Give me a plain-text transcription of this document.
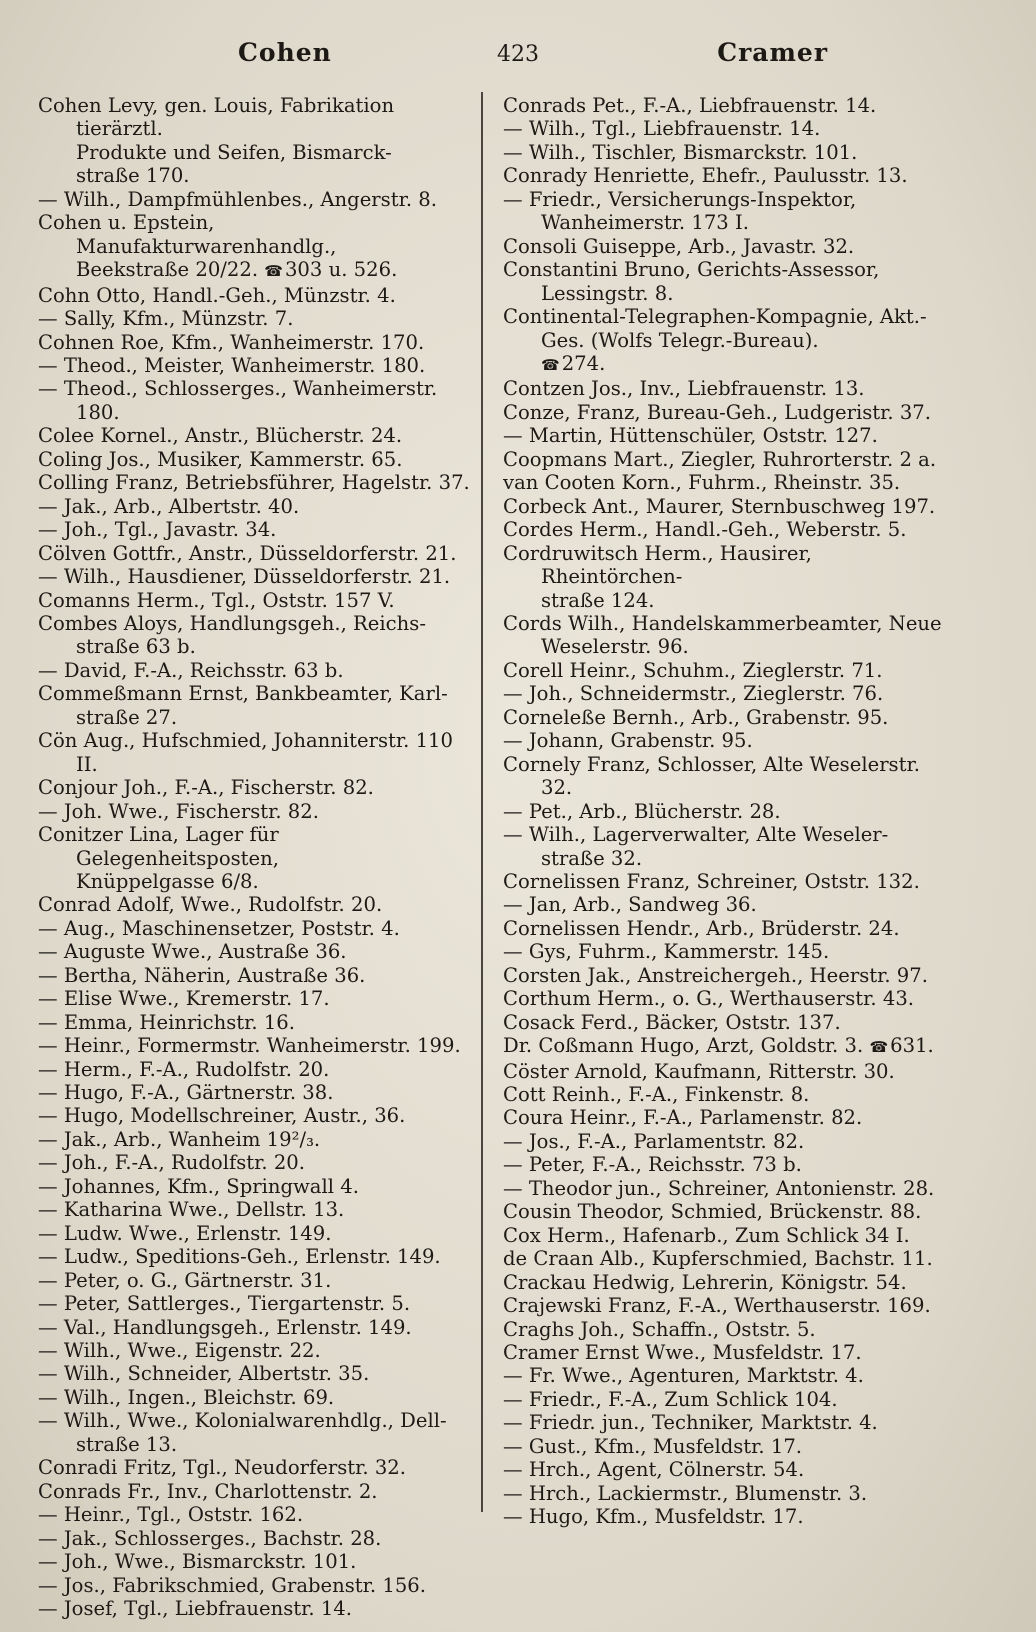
Cohen	423	Cramer

Cohen Levy, gen. Louis, Fabrikation tierärztl.
Produkte und Seifen, Bismarck-
straße 170.

— Wilh., Dampfmühlenbes., Angerstr. 8.

Cohen u. Epstein, Manufakturwarenhandlg.,
Beekstraße 20/22. ☎ 303 u. 526.

Cohn Otto, Handl.-Geh., Münzstr. 4.

— Sally, Kfm., Münzstr. 7.

Cohnen Roe, Kfm., Wanheimerstr. 170.

— Theod., Meister, Wanheimerstr. 180.

— Theod., Schlosserges., Wanheimerstr. 180.

Colee Kornel., Anstr., Blücherstr. 24.

Coling Jos., Musiker, Kammerstr. 65.

Colling Franz, Betriebsführer, Hagelstr. 37.

— Jak., Arb., Albertstr. 40.

— Joh., Tgl., Javastr. 34.

Cölven Gottfr., Anstr., Düsseldorferstr. 21.

— Wilh., Hausdiener, Düsseldorferstr. 21.

Comanns Herm., Tgl., Oststr. 157 V.

Combes Aloys, Handlungsgeh., Reichs-
straße 63 b.

— David, F.-A., Reichsstr. 63 b.

Commeßmann Ernst, Bankbeamter, Karl-
straße 27.

Cön Aug., Hufschmied, Johanniterstr. 110 II.

Conjour Joh., F.-A., Fischerstr. 82.

— Joh. Wwe., Fischerstr. 82.

Conitzer Lina, Lager für Gelegenheitsposten,
Knüppelgasse 6/8.

Conrad Adolf, Wwe., Rudolfstr. 20.

— Aug., Maschinensetzer, Poststr. 4.

— Auguste Wwe., Austraße 36.

— Bertha, Näherin, Austraße 36.

— Elise Wwe., Kremerstr. 17.

— Emma, Heinrichstr. 16.

— Heinr., Formermstr. Wanheimerstr. 199.

— Herm., F.-A., Rudolfstr. 20.

— Hugo, F.-A., Gärtnerstr. 38.

— Hugo, Modellschreiner, Austr., 36.

— Jak., Arb., Wanheim 19²/₃.

— Joh., F.-A., Rudolfstr. 20.

— Johannes, Kfm., Springwall 4.

— Katharina Wwe., Dellstr. 13.

— Ludw. Wwe., Erlenstr. 149.

— Ludw., Speditions-Geh., Erlenstr. 149.

— Peter, o. G., Gärtnerstr. 31.

— Peter, Sattlerges., Tiergartenstr. 5.

— Val., Handlungsgeh., Erlenstr. 149.

— Wilh., Wwe., Eigenstr. 22.

— Wilh., Schneider, Albertstr. 35.

— Wilh., Ingen., Bleichstr. 69.

— Wilh., Wwe., Kolonialwarenhdlg., Dell-
straße 13.

Conradi Fritz, Tgl., Neudorferstr. 32.

Conrads Fr., Inv., Charlottenstr. 2.

— Heinr., Tgl., Oststr. 162.

— Jak., Schlosserges., Bachstr. 28.

— Joh., Wwe., Bismarckstr. 101.

— Jos., Fabrikschmied, Grabenstr. 156.

— Josef, Tgl., Liebfrauenstr. 14.

Conrads Pet., F.-A., Liebfrauenstr. 14.

— Wilh., Tgl., Liebfrauenstr. 14.

— Wilh., Tischler, Bismarckstr. 101.

Conrady Henriette, Ehefr., Paulusstr. 13.

— Friedr., Versicherungs-Inspektor,
Wanheimerstr. 173 I.

Consoli Guiseppe, Arb., Javastr. 32.

Constantini Bruno, Gerichts-Assessor,
Lessingstr. 8.

Continental-Telegraphen-Kompagnie, Akt.-
Ges. (Wolfs Telegr.-Bureau).
☎ 274.

Contzen Jos., Inv., Liebfrauenstr. 13.

Conze, Franz, Bureau-Geh., Ludgeristr. 37.

— Martin, Hüttenschüler, Oststr. 127.

Coopmans Mart., Ziegler, Ruhrorterstr. 2 a.

van Cooten Korn., Fuhrm., Rheinstr. 35.

Corbeck Ant., Maurer, Sternbuschweg 197.

Cordes Herm., Handl.-Geh., Weberstr. 5.

Cordruwitsch Herm., Hausirer, Rheintörchen-
straße 124.

Cords Wilh., Handelskammerbeamter, Neue
Weselerstr. 96.

Corell Heinr., Schuhm., Zieglerstr. 71.

— Joh., Schneidermstr., Zieglerstr. 76.

Corneleße Bernh., Arb., Grabenstr. 95.

— Johann, Grabenstr. 95.

Cornely Franz, Schlosser, Alte Weselerstr. 32.

— Pet., Arb., Blücherstr. 28.

— Wilh., Lagerverwalter, Alte Weseler-
straße 32.

Cornelissen Franz, Schreiner, Oststr. 132.

— Jan, Arb., Sandweg 36.

Cornelissen Hendr., Arb., Brüderstr. 24.

— Gys, Fuhrm., Kammerstr. 145.

Corsten Jak., Anstreichergeh., Heerstr. 97.

Corthum Herm., o. G., Werthauserstr. 43.

Cosack Ferd., Bäcker, Oststr. 137.

Dr. Coßmann Hugo, Arzt, Goldstr. 3. ☎ 631.

Cöster Arnold, Kaufmann, Ritterstr. 30.

Cott Reinh., F.-A., Finkenstr. 8.

Coura Heinr., F.-A., Parlamenstr. 82.

— Jos., F.-A., Parlamentstr. 82.

— Peter, F.-A., Reichsstr. 73 b.

— Theodor jun., Schreiner, Antonienstr. 28.

Cousin Theodor, Schmied, Brückenstr. 88.

Cox Herm., Hafenarb., Zum Schlick 34 I.

de Craan Alb., Kupferschmied, Bachstr. 11.

Crackau Hedwig, Lehrerin, Königstr. 54.

Crajewski Franz, F.-A., Werthauserstr. 169.

Craghs Joh., Schaffn., Oststr. 5.

Cramer Ernst Wwe., Musfeldstr. 17.

— Fr. Wwe., Agenturen, Marktstr. 4.

— Friedr., F.-A., Zum Schlick 104.

— Friedr. jun., Techniker, Marktstr. 4.

— Gust., Kfm., Musfeldstr. 17.

— Hrch., Agent, Cölnerstr. 54.

— Hrch., Lackiermstr., Blumenstr. 3.

— Hugo, Kfm., Musfeldstr. 17.
